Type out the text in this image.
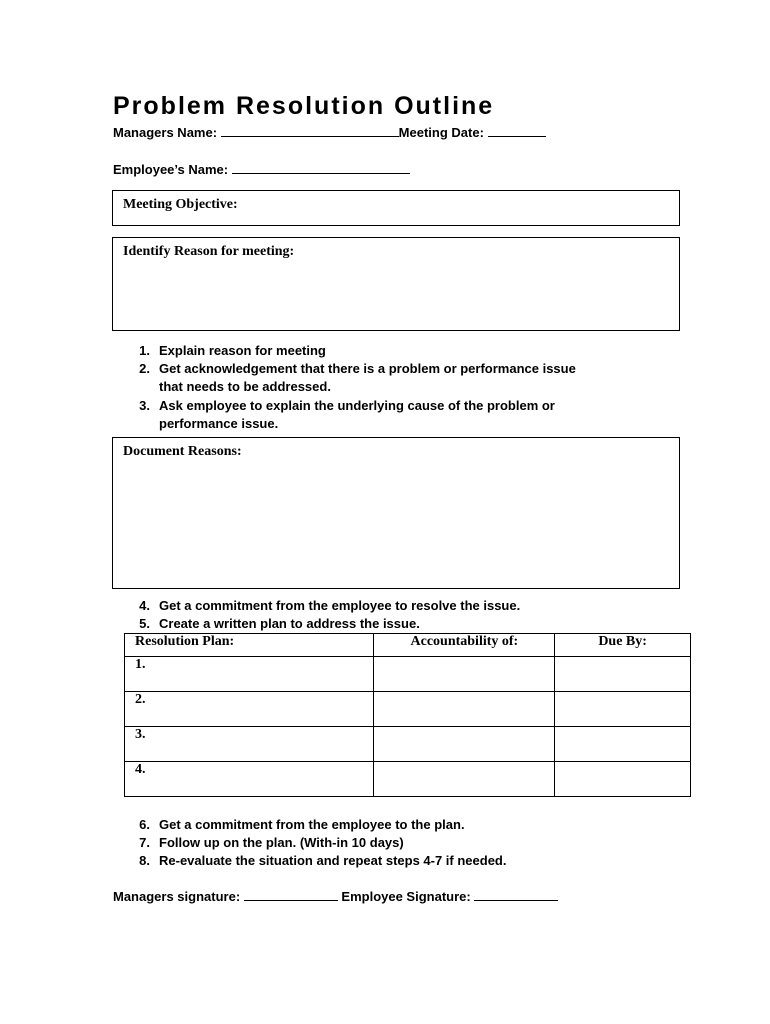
Problem Resolution Outline
Managers Name:	Meeting Date:
Employee’s Name:
Meeting Objective:
Identify Reason for meeting:
1. Explain reason for meeting
2. Get acknowledgement that there is a problem or performance issue
that needs to be addressed.
3. Ask employee to explain the underlying cause of the problem or
performance issue.
Document Reasons:
4. Get a commitment from the employee to resolve the issue.
5. Create a written plan to address the issue.
Resolution Plan:	Accountability of:	Due By:
1.		
2.		
3.		
4.		
6. Get a commitment from the employee to the plan.
7. Follow up on the plan. (With-in 10 days)
8. Re-evaluate the situation and repeat steps 4-7 if needed.
Managers signature:	Employee Signature:
